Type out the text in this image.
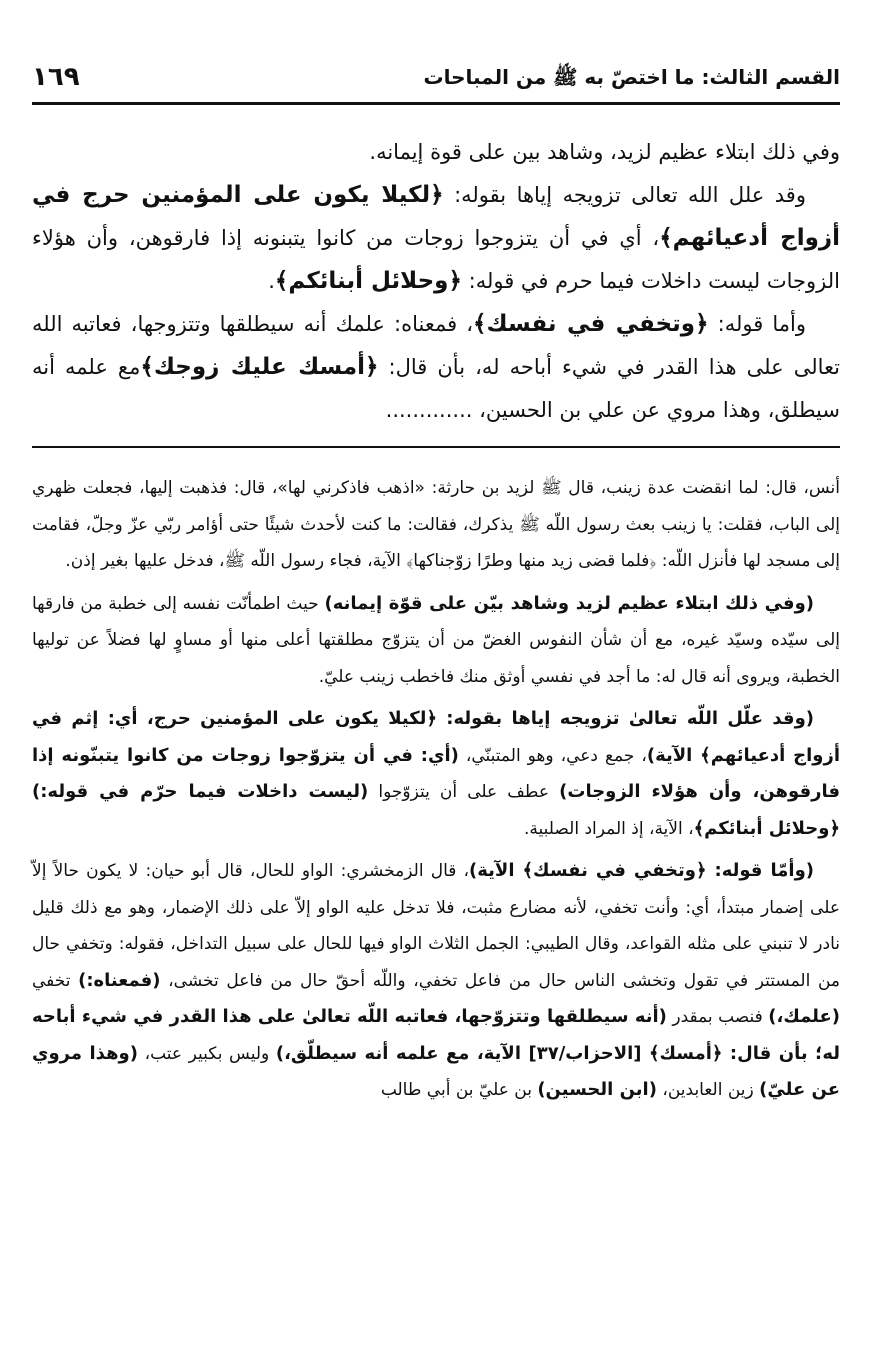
القسم الثالث: ما اختصّ به ﷺ من المباحات
١٦٩

وفي ذلك ابتلاء عظيم لزيد، وشاهد بين على قوة إيمانه.

وقد علل الله تعالى تزويجه إياها بقوله: ﴿لكيلا يكون على المؤمنين حرج في أزواج أدعيائهم﴾، أي في أن يتزوجوا زوجات من كانوا يتبنونه إذا فارقوهن، وأن هؤلاء الزوجات ليست داخلات فيما حرم في قوله: ﴿وحلائل أبنائكم﴾.

وأما قوله: ﴿وتخفي في نفسك﴾، فمعناه: علمك أنه سيطلقها وتتزوجها، فعاتبه الله تعالى على هذا القدر في شيء أباحه له، بأن قال: ﴿أمسك عليك زوجك﴾مع علمه أنه سيطلق، وهذا مروي عن علي بن الحسين، .............

أنس، قال: لما انقضت عدة زينب، قال ﷺ لزيد بن حارثة: «اذهب فاذكرني لها»، قال: فذهبت إليها، فجعلت ظهري إلى الباب، فقلت: يا زينب بعث رسول اللّه ﷺ يذكرك، فقالت: ما كنت لأحدث شيئًا حتى أؤامر ربّي عزّ وجلّ، فقامت إلى مسجد لها فأنزل اللّه: ﴿فلما قضى زيد منها وطرًا زوّجناكها﴾ الآية، فجاء رسول اللّه ﷺ، فدخل عليها بغير إذن.

(وفي ذلك ابتلاء عظيم لزيد وشاهد بيّن على قوّة إيمانه) حيث اطمأنّت نفسه إلى خطبة من فارقها إلى سيّده وسيّد غيره، مع أن شأن النفوس الغضّ من أن يتزوّج مطلقتها أعلى منها أو مساوٍ لها فضلاً عن توليها الخطبة، ويروى أنه قال له: ما أجد في نفسي أوثق منك فاخطب زينب عليّ.

(وقد علّل اللّه تعالىٰ تزويجه إياها بقوله: ﴿لكيلا يكون على المؤمنين حرج، أي: إثم في أزواج أدعيائهم﴾ الآية)، جمع دعي، وهو المتبنّي، (أي: في أن يتزوّجوا زوجات من كانوا يتبنّونه إذا فارقوهن، وأن هؤلاء الزوجات) عطف على أن يتزوّجوا (ليست داخلات فيما حرّم في قوله:) ﴿وحلائل أبنائكم﴾، الآية، إذ المراد الصلبية.

(وأمّا قوله: ﴿وتخفي في نفسك﴾ الآية)، قال الزمخشري: الواو للحال، قال أبو حيان: لا يكون حالاً إلاّ على إضمار مبتدأ، أي: وأنت تخفي، لأنه مضارع مثبت، فلا تدخل عليه الواو إلاّ على ذلك الإضمار، وهو مع ذلك قليل نادر لا تنبني على مثله القواعد، وقال الطيبي: الجمل الثلاث الواو فيها للحال على سبيل التداخل، فقوله: وتخفي حال من المستتر في تقول وتخشى الناس حال من فاعل تخفي، واللّه أحقّ حال من فاعل تخشى، (فمعناه:) تخفي (علمك،) فنصب بمقدر (أنه سيطلقها وتتزوّجها، فعاتبه اللّه تعالىٰ على هذا القدر في شيء أباحه له؛ بأن قال: ﴿أمسك﴾ [الاحزاب/٣٧] الآية، مع علمه أنه سيطلّق،) وليس بكبير عتب، (وهذا مروي عن عليّ) زين العابدين، (ابن الحسين) بن عليّ بن أبي طالب
